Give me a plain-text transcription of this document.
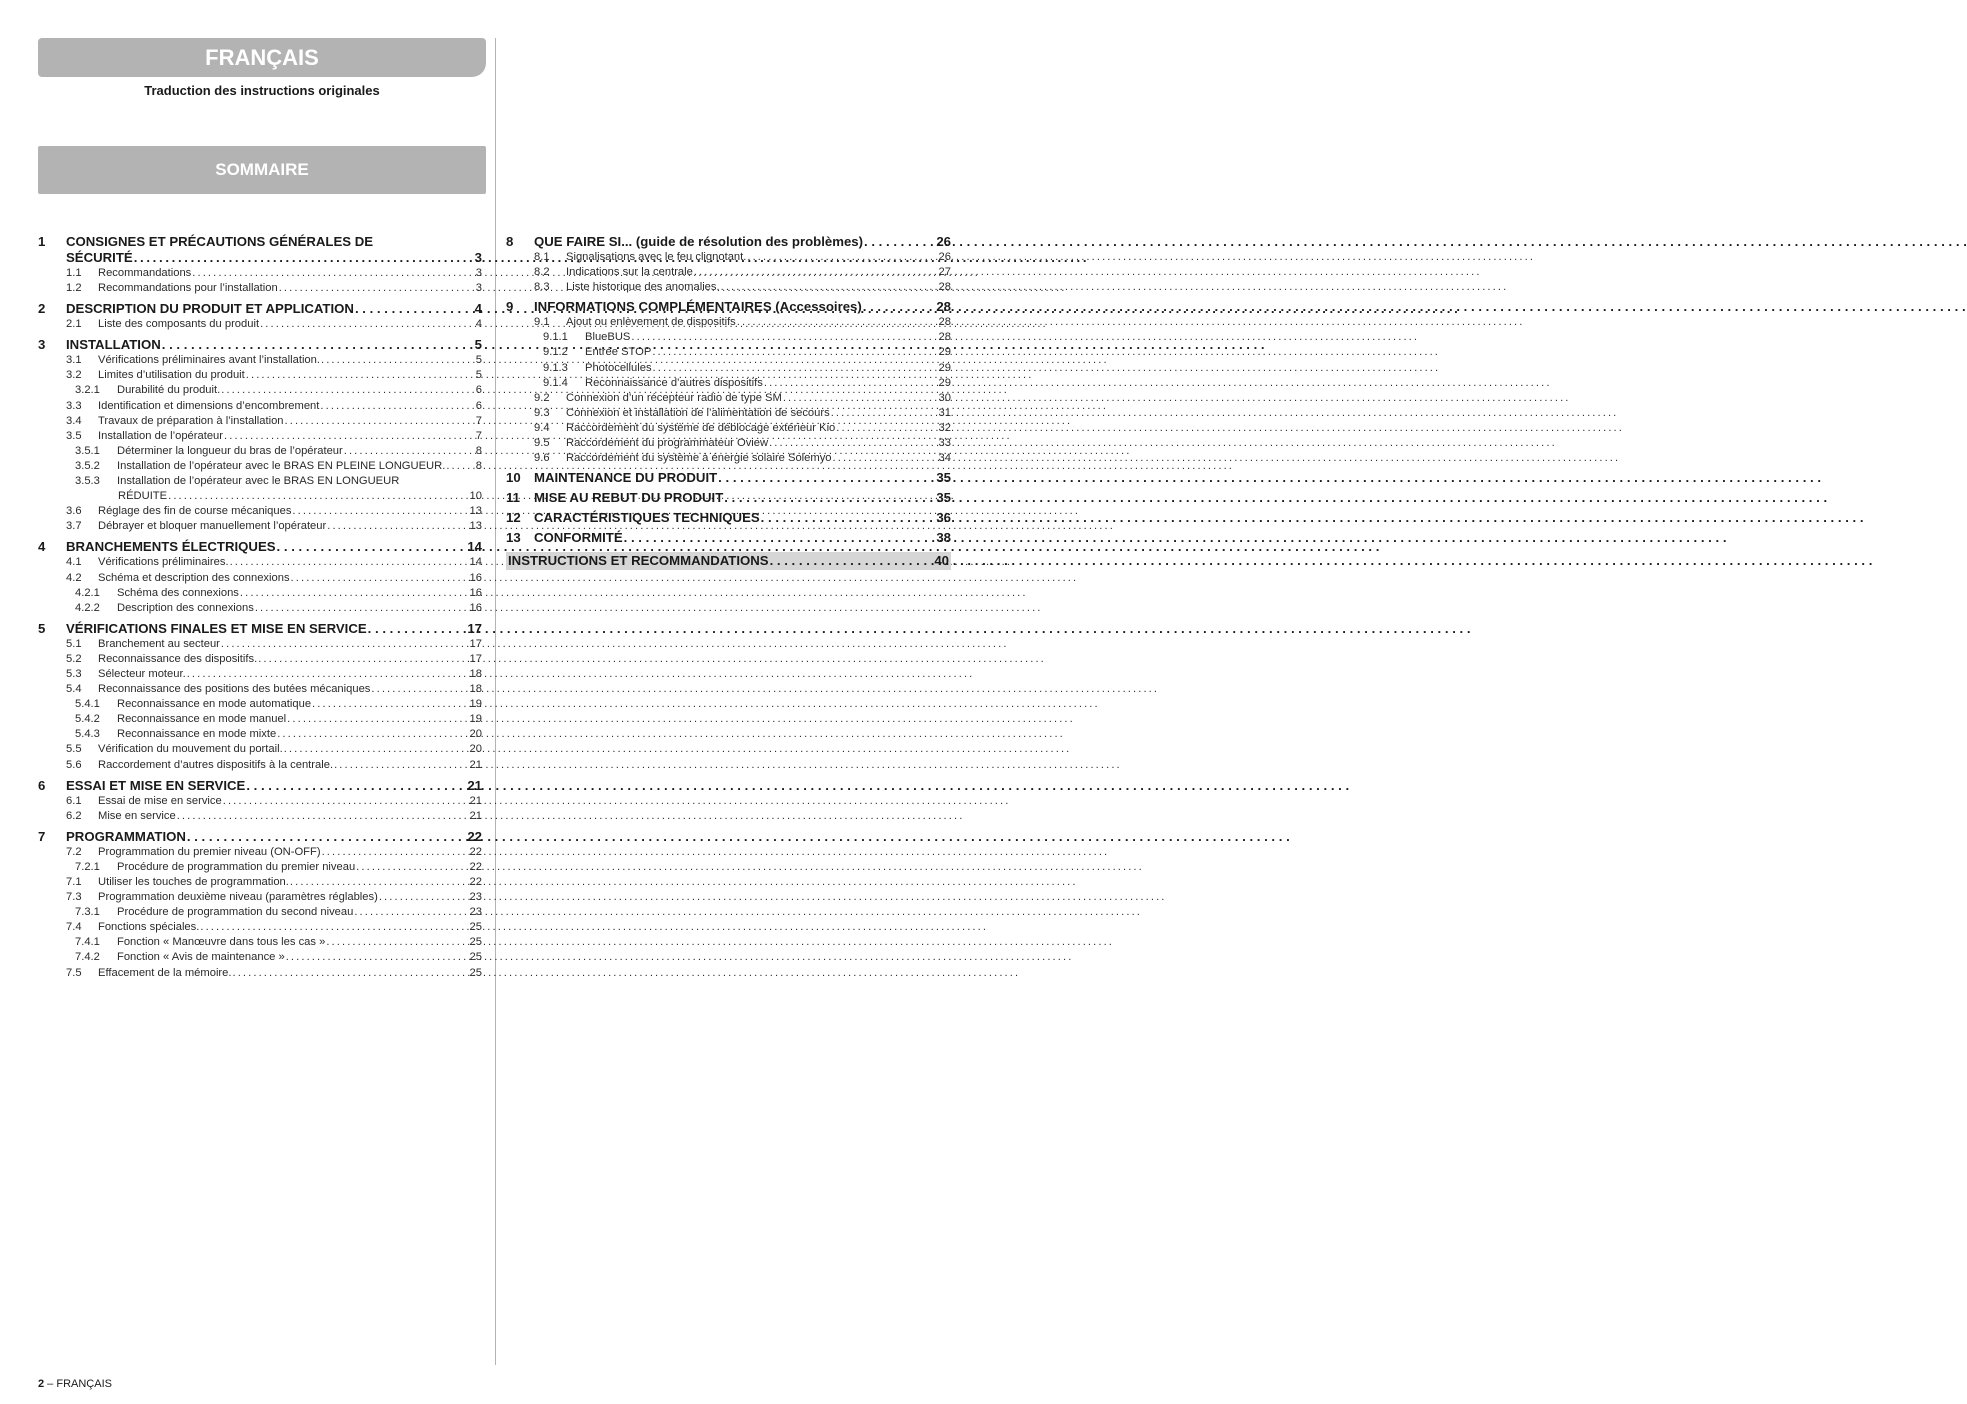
FRANÇAIS
Traduction des instructions originales
SOMMAIRE
1	CONSIGNES ET PRÉCAUTIONS GÉNÉRALES DE
SÉCURITÉ . . .	3
1.1	Recommandations . . .	3
1.2	Recommandations pour l’installation . . .	3
2	DESCRIPTION DU PRODUIT ET APPLICATION . . .	4
2.1	Liste des composants du produit . . .	4
3	INSTALLATION . . .	5
3.1	Vérifications préliminaires avant l’installation. . . .	5
3.2	Limites d’utilisation du produit . . .	5
3.2.1	Durabilité du produit. . . .	6
3.3	Identification et dimensions d’encombrement . . .	6
3.4	Travaux de préparation à l’installation . . .	7
3.5	Installation de l’opérateur . . .	7
3.5.1	Déterminer la longueur du bras de l’opérateur . . .	8
3.5.2	Installation de l’opérateur avec le BRAS EN PLEINE LONGUEUR. . . .	8
3.5.3	Installation de l’opérateur avec le BRAS EN LONGUEUR
RÉDUITE . . .	10
3.6	Réglage des fin de course mécaniques . . .	13
3.7	Débrayer et bloquer manuellement l’opérateur . . .	13
4	BRANCHEMENTS ÉLECTRIQUES . . .	14
4.1	Vérifications préliminaires. . . .	14
4.2	Schéma et description des connexions . . .	16
4.2.1	Schéma des connexions . . .	16
4.2.2	Description des connexions . . .	16
5	VÉRIFICATIONS FINALES ET MISE EN SERVICE . . .	17
5.1	Branchement au secteur . . .	17
5.2	Reconnaissance des dispositifs. . . .	17
5.3	Sélecteur moteur. . . .	18
5.4	Reconnaissance des positions des butées mécaniques . . .	18
5.4.1	Reconnaissance en mode automatique . . .	19
5.4.2	Reconnaissance en mode manuel . . .	19
5.4.3	Reconnaissance en mode mixte . . .	20
5.5	Vérification du mouvement du portail. . . .	20
5.6	Raccordement d’autres dispositifs à la centrale. . . .	21
6	ESSAI ET MISE EN SERVICE . . .	21
6.1	Essai de mise en service . . .	21
6.2	Mise en service . . .	21
7	PROGRAMMATION . . .	22
7.2	Programmation du premier niveau (ON-OFF) . . .	22
7.2.1	Procédure de programmation du premier niveau . . .	22
7.1	Utiliser les touches de programmation. . . .	22
7.3	Programmation deuxième niveau (paramètres réglables) . . .	23
7.3.1	Procédure de programmation du second niveau . . .	23
7.4	Fonctions spéciales. . . .	25
7.4.1	Fonction « Manœuvre dans tous les cas » . . .	25
7.4.2	Fonction « Avis de maintenance » . . .	25
7.5	Effacement de la mémoire. . . .	25
8	QUE FAIRE SI... (guide de résolution des problèmes) . . .	26
8.1	Signalisations avec le feu clignotant. . . .	26
8.2	Indications sur la centrale . . .	27
8.3	Liste historique des anomalies. . . .	28
9	INFORMATIONS COMPLÉMENTAIRES (Accessoires) . . .	28
9.1	Ajout ou enlèvement de dispositifs . . .	28
9.1.1	BlueBUS . . .	28
9.1.2	Entrée STOP . . .	29
9.1.3	Photocellules . . .	29
9.1.4	Reconnaissance d’autres dispositifs . . .	29
9.2	Connexion d’un récepteur radio de type SM . . .	30
9.3	Connexion et installation de l’alimentation de secours . . .	31
9.4	Raccordement du système de déblocage extérieur Kio . . .	32
9.5	Raccordement du programmateur Oview . . .	33
9.6	Raccordement du système à énergie solaire Solemyo . . .	34
10	MAINTENANCE DU PRODUIT . . .	35
11	MISE AU REBUT DU PRODUIT . . .	35
12	CARACTÉRISTIQUES TECHNIQUES . . .	36
13	CONFORMITÉ . . .	38
INSTRUCTIONS ET RECOMMANDATIONS . . .	40
2 – FRANÇAIS
